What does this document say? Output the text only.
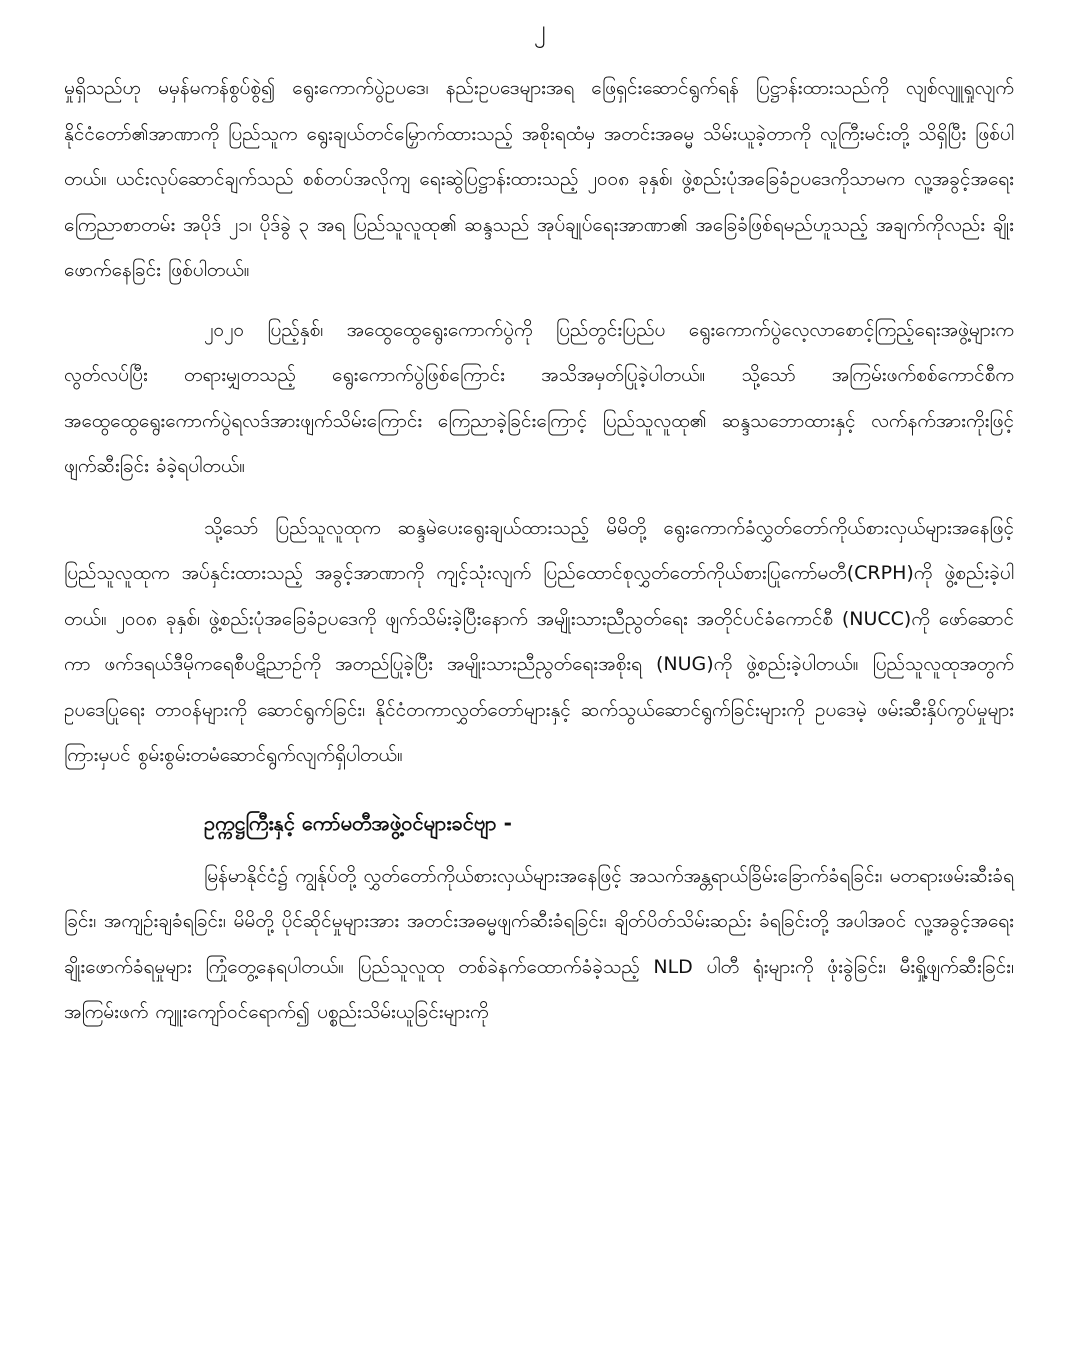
၂

မှုရှိသည်ဟု မမှန်မကန်စွပ်စွဲ၍ ရွေးကောက်ပွဲဥပဒေ၊ နည်းဥပဒေများအရ ဖြေရှင်းဆောင်ရွက်ရန် ပြဋ္ဌာန်းထားသည်ကို လျစ်လျူရှုလျက် နိုင်ငံတော်၏အာဏာကို ပြည်သူက ရွေးချယ်တင်မြှောက်ထားသည့် အစိုးရထံမှ အတင်းအဓမ္မ သိမ်းယူခဲ့တာကို လူကြီးမင်းတို့ သိရှိပြီး ဖြစ်ပါတယ်။ ယင်းလုပ်ဆောင်ချက်သည် စစ်တပ်အလိုကျ ရေးဆွဲပြဋ္ဌာန်းထားသည့် ၂၀၀၈ ခုနှစ်၊ ဖွဲ့စည်းပုံအခြေခံဥပဒေကိုသာမက လူ့အခွင့်အရေး ကြေညာစာတမ်း အပိုဒ် ၂၁၊ ပိုဒ်ခွဲ ၃ အရ ပြည်သူလူထု၏ ဆန္ဒသည် အုပ်ချုပ်ရေးအာဏာ၏ အခြေခံဖြစ်ရမည်ဟူသည့် အချက်ကိုလည်း ချိုးဖောက်နေခြင်း ဖြစ်ပါတယ်။

၂၀၂၀ ပြည့်နှစ်၊ အထွေထွေရွေးကောက်ပွဲကို ပြည်တွင်းပြည်ပ ရွေးကောက်ပွဲလေ့လာစောင့်ကြည့်ရေးအဖွဲ့များက လွတ်လပ်ပြီး တရားမျှတသည့် ရွေးကောက်ပွဲဖြစ်ကြောင်း အသိအမှတ်ပြုခဲ့ပါတယ်။ သို့သော် အကြမ်းဖက်စစ်ကောင်စီက အထွေထွေရွေးကောက်ပွဲရလဒ်အားဖျက်သိမ်းကြောင်း ကြေညာခဲ့ခြင်းကြောင့် ပြည်သူလူထု၏ ဆန္ဒသဘောထားနှင့် လက်နက်အားကိုးဖြင့် ဖျက်ဆီးခြင်း ခံခဲ့ရပါတယ်။

သို့သော် ပြည်သူလူထုက ဆန္ဒမဲပေးရွေးချယ်ထားသည့် မိမိတို့ ရွေးကောက်ခံလွှတ်တော်ကိုယ်စားလှယ်များအနေဖြင့် ပြည်သူလူထုက အပ်နှင်းထားသည့် အခွင့်အာဏာကို ကျင့်သုံးလျက် ပြည်ထောင်စုလွှတ်တော်ကိုယ်စားပြုကော်မတီ(CRPH)ကို ဖွဲ့စည်းခဲ့ပါတယ်။ ၂၀၀၈ ခုနှစ်၊ ဖွဲ့စည်းပုံအခြေခံဥပဒေကို ဖျက်သိမ်းခဲ့ပြီးနောက် အမျိုးသားညီညွတ်ရေး အတိုင်ပင်ခံကောင်စီ (NUCC)ကို ဖော်ဆောင်ကာ ဖက်ဒရယ်ဒီမိုကရေစီပဋိညာဉ်ကို အတည်ပြုခဲ့ပြီး အမျိုးသားညီညွတ်ရေးအစိုးရ (NUG)ကို ဖွဲ့စည်းခဲ့ပါတယ်။ ပြည်သူလူထုအတွက် ဥပဒေပြုရေး တာဝန်များကို ဆောင်ရွက်ခြင်း၊ နိုင်ငံတကာလွှတ်တော်များနှင့် ဆက်သွယ်ဆောင်ရွက်ခြင်းများကို ဥပဒေမဲ့ ဖမ်းဆီးနှိပ်ကွပ်မှုများကြားမှပင် စွမ်းစွမ်းတမံဆောင်ရွက်လျက်ရှိပါတယ်။

ဥက္ကဋ္ဌကြီးနှင့် ကော်မတီအဖွဲ့ဝင်များခင်ဗျာ -

မြန်မာနိုင်ငံ၌ ကျွန်ုပ်တို့ လွှတ်တော်ကိုယ်စားလှယ်များအနေဖြင့် အသက်အန္တရာယ်ခြိမ်းခြောက်ခံရခြင်း၊ မတရားဖမ်းဆီးခံရခြင်း၊ အကျဉ်းချခံရခြင်း၊ မိမိတို့ ပိုင်ဆိုင်မှုများအား အတင်းအဓမ္မဖျက်ဆီးခံရခြင်း၊ ချိတ်ပိတ်သိမ်းဆည်း ခံရခြင်းတို့ အပါအဝင် လူ့အခွင့်အရေးချိုးဖောက်ခံရမှုများ ကြုံတွေ့နေရပါတယ်။ ပြည်သူလူထု တစ်ခဲနက်ထောက်ခံခဲ့သည့် NLD ပါတီ ရုံးများကို ဖုံးခွဲခြင်း၊ မီးရှို့ဖျက်ဆီးခြင်း၊ အကြမ်းဖက် ကျူးကျော်ဝင်ရောက်၍ ပစ္စည်းသိမ်းယူခြင်းများကို
